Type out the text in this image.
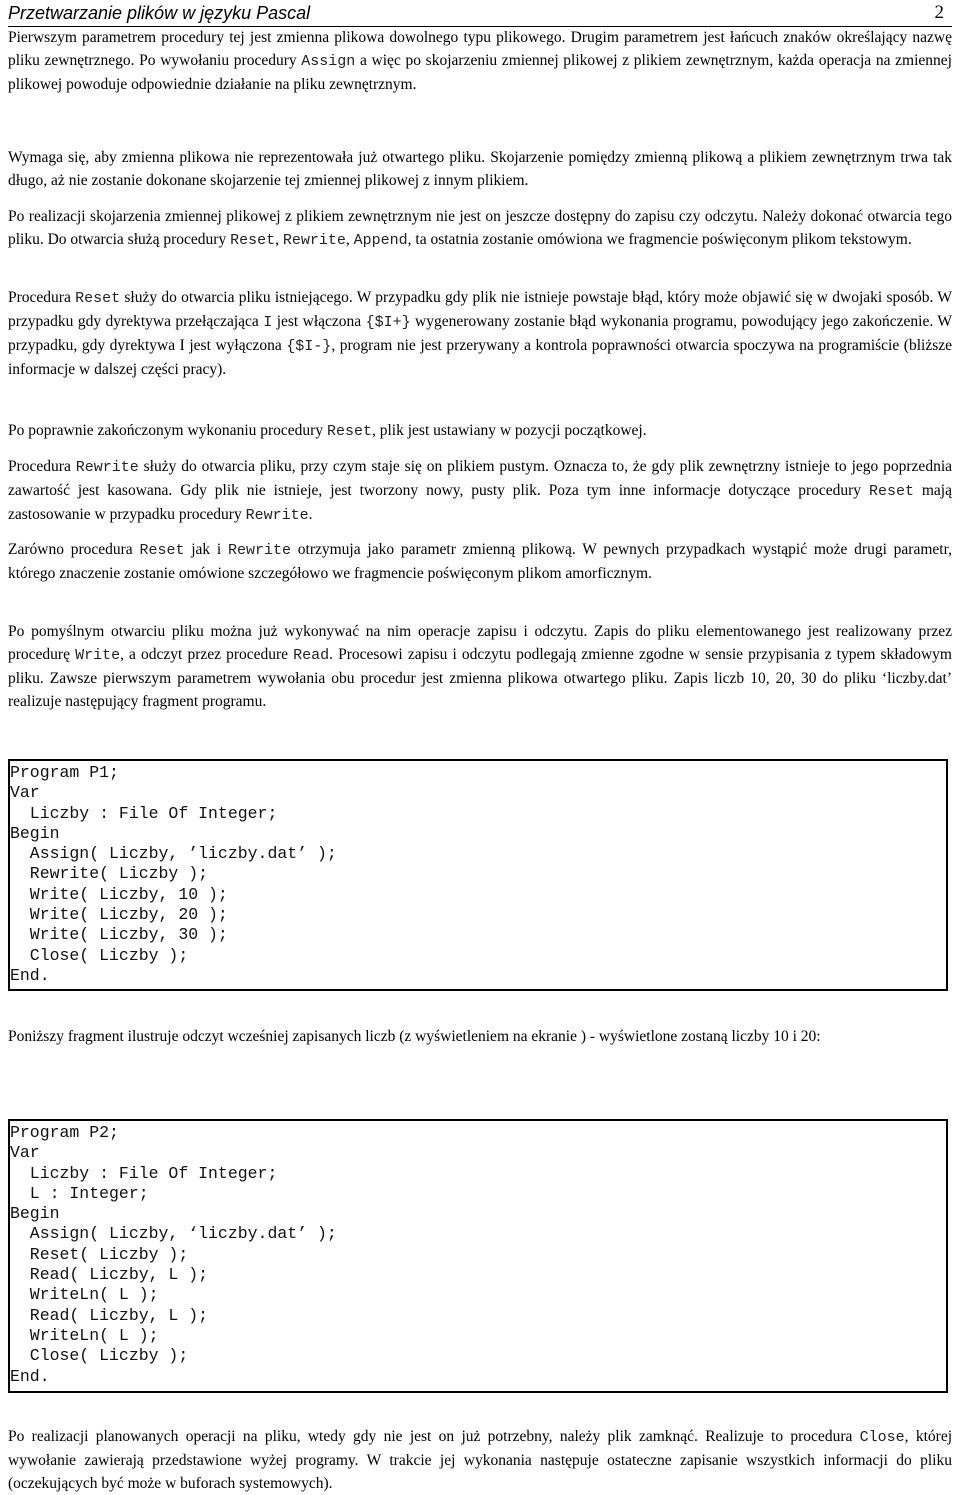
Przetwarzanie plików w języku Pascal	2

Pierwszym parametrem procedury tej jest zmienna plikowa dowolnego typu plikowego. Drugim parametrem jest łańcuch znaków określający nazwę pliku zewnętrznego. Po wywołaniu procedury Assign a więc po skojarzeniu zmiennej plikowej z plikiem zewnętrznym, każda operacja na zmiennej plikowej powoduje odpowiednie działanie na pliku zewnętrznym.

Wymaga się, aby zmienna plikowa nie reprezentowała już otwartego pliku. Skojarzenie pomiędzy zmienną plikową a plikiem zewnętrznym trwa tak długo, aż nie zostanie dokonane skojarzenie tej zmiennej plikowej z innym plikiem.

Po realizacji skojarzenia zmiennej plikowej z plikiem zewnętrznym nie jest on jeszcze dostępny do zapisu czy odczytu. Należy dokonać otwarcia tego pliku. Do otwarcia służą procedury Reset, Rewrite, Append, ta ostatnia zostanie omówiona we fragmencie poświęconym plikom tekstowym.

Procedura Reset służy do otwarcia pliku istniejącego. W przypadku gdy plik nie istnieje powstaje błąd, który może objawić się w dwojaki sposób. W przypadku gdy dyrektywa przełączająca I jest włączona {$I+} wygenerowany zostanie błąd wykonania programu, powodujący jego zakończenie. W przypadku, gdy dyrektywa I jest wyłączona {$I-}, program nie jest przerywany a kontrola poprawności otwarcia spoczywa na programiście (bliższe informacje w dalszej części pracy).

Po poprawnie zakończonym wykonaniu procedury Reset, plik jest ustawiany w pozycji początkowej.

Procedura Rewrite służy do otwarcia pliku, przy czym staje się on plikiem pustym. Oznacza to, że gdy plik zewnętrzny istnieje to jego poprzednia zawartość jest kasowana. Gdy plik nie istnieje, jest tworzony nowy, pusty plik. Poza tym inne informacje dotyczące procedury Reset mają zastosowanie w przypadku procedury Rewrite.

Zarówno procedura Reset jak i Rewrite otrzymuja jako parametr zmienną plikową. W pewnych przypadkach wystąpić może drugi parametr, którego znaczenie zostanie omówione szczegółowo we fragmencie poświęconym plikom amorficznym.

Po pomyślnym otwarciu pliku można już wykonywać na nim operacje zapisu i odczytu. Zapis do pliku elementowanego jest realizowany przez procedurę Write, a odczyt przez procedure Read. Procesowi zapisu i odczytu podlegają zmienne zgodne w sensie przypisania z typem składowym pliku. Zawsze pierwszym parametrem wywołania obu procedur jest zmienna plikowa otwartego pliku. Zapis liczb 10, 20, 30 do pliku ‘liczby.dat’ realizuje następujący fragment programu.

Program P1;
Var
Liczby : File Of Integer;
Begin
Assign( Liczby, ’liczby.dat’ );
Rewrite( Liczby );
Write( Liczby, 10 );
Write( Liczby, 20 );
Write( Liczby, 30 );
Close( Liczby );
End.

Poniższy fragment ilustruje odczyt wcześniej zapisanych liczb (z wyświetleniem na ekranie ) - wyświetlone zostaną liczby 10 i 20:

Program P2;
Var
Liczby : File Of Integer;
L : Integer;
Begin
Assign( Liczby, ‘liczby.dat’ );
Reset( Liczby );
Read( Liczby, L );
WriteLn( L );
Read( Liczby, L );
WriteLn( L );
Close( Liczby );
End.

Po realizacji planowanych operacji na pliku, wtedy gdy nie jest on już potrzebny, należy plik zamknąć. Realizuje to procedura Close, której wywołanie zawierają przedstawione wyżej programy. W trakcie jej wykonania następuje ostateczne zapisanie wszystkich informacji do pliku (oczekujących być może w buforach systemowych).
